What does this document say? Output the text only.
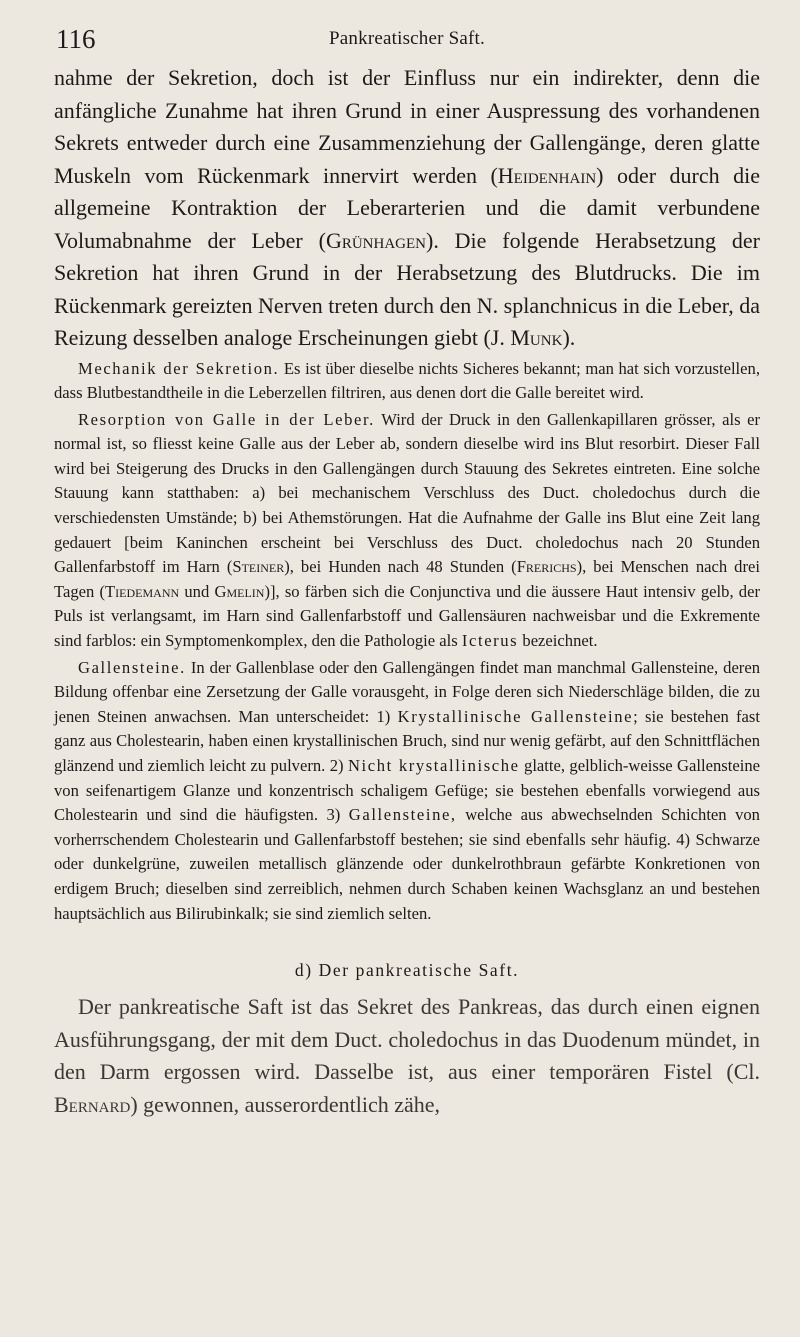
116	Pankreatischer Saft.

nahme der Sekretion, doch ist der Einfluss nur ein indirekter, denn die anfängliche Zunahme hat ihren Grund in einer Auspressung des vorhandenen Sekrets entweder durch eine Zusammenziehung der Gallengänge, deren glatte Muskeln vom Rückenmark innervirt werden (Heidenhain) oder durch die allgemeine Kontraktion der Leberarterien und die damit verbundene Volumabnahme der Leber (Grünhagen). Die folgende Herabsetzung der Sekretion hat ihren Grund in der Herabsetzung des Blutdrucks. Die im Rückenmark gereizten Nerven treten durch den N. splanchnicus in die Leber, da Reizung desselben analoge Erscheinungen giebt (J. Munk).

Mechanik der Sekretion. Es ist über dieselbe nichts Sicheres bekannt; man hat sich vorzustellen, dass Blutbestandtheile in die Leberzellen filtriren, aus denen dort die Galle bereitet wird.

Resorption von Galle in der Leber. Wird der Druck in den Gallenkapillaren grösser, als er normal ist, so fliesst keine Galle aus der Leber ab, sondern dieselbe wird ins Blut resorbirt. Dieser Fall wird bei Steigerung des Drucks in den Gallengängen durch Stauung des Sekretes eintreten. Eine solche Stauung kann statthaben: a) bei mechanischem Verschluss des Duct. choledochus durch die verschiedensten Umstände; b) bei Athemstörungen. Hat die Aufnahme der Galle ins Blut eine Zeit lang gedauert [beim Kaninchen erscheint bei Verschluss des Duct. choledochus nach 20 Stunden Gallenfarbstoff im Harn (Steiner), bei Hunden nach 48 Stunden (Frerichs), bei Menschen nach drei Tagen (Tiedemann und Gmelin)], so färben sich die Conjunctiva und die äussere Haut intensiv gelb, der Puls ist verlangsamt, im Harn sind Gallenfarbstoff und Gallensäuren nachweisbar und die Exkremente sind farblos: ein Symptomenkomplex, den die Pathologie als Icterus bezeichnet.

Gallensteine. In der Gallenblase oder den Gallengängen findet man manchmal Gallensteine, deren Bildung offenbar eine Zersetzung der Galle vorausgeht, in Folge deren sich Niederschläge bilden, die zu jenen Steinen anwachsen. Man unterscheidet: 1) Krystallinische Gallensteine; sie bestehen fast ganz aus Cholestearin, haben einen krystallinischen Bruch, sind nur wenig gefärbt, auf den Schnittflächen glänzend und ziemlich leicht zu pulvern. 2) Nicht krystallinische glatte, gelblich-weisse Gallensteine von seifenartigem Glanze und konzentrisch schaligem Gefüge; sie bestehen ebenfalls vorwiegend aus Cholestearin und sind die häufigsten. 3) Gallensteine, welche aus abwechselnden Schichten von vorherrschendem Cholestearin und Gallenfarbstoff bestehen; sie sind ebenfalls sehr häufig. 4) Schwarze oder dunkelgrüne, zuweilen metallisch glänzende oder dunkelrothbraun gefärbte Konkretionen von erdigem Bruch; dieselben sind zerreiblich, nehmen durch Schaben keinen Wachsglanz an und bestehen hauptsächlich aus Bilirubinkalk; sie sind ziemlich selten.

d) Der pankreatische Saft.

Der pankreatische Saft ist das Sekret des Pankreas, das durch einen eignen Ausführungsgang, der mit dem Duct. choledochus in das Duodenum mündet, in den Darm ergossen wird. Dasselbe ist, aus einer temporären Fistel (Cl. Bernard) gewonnen, ausserordentlich zähe,
